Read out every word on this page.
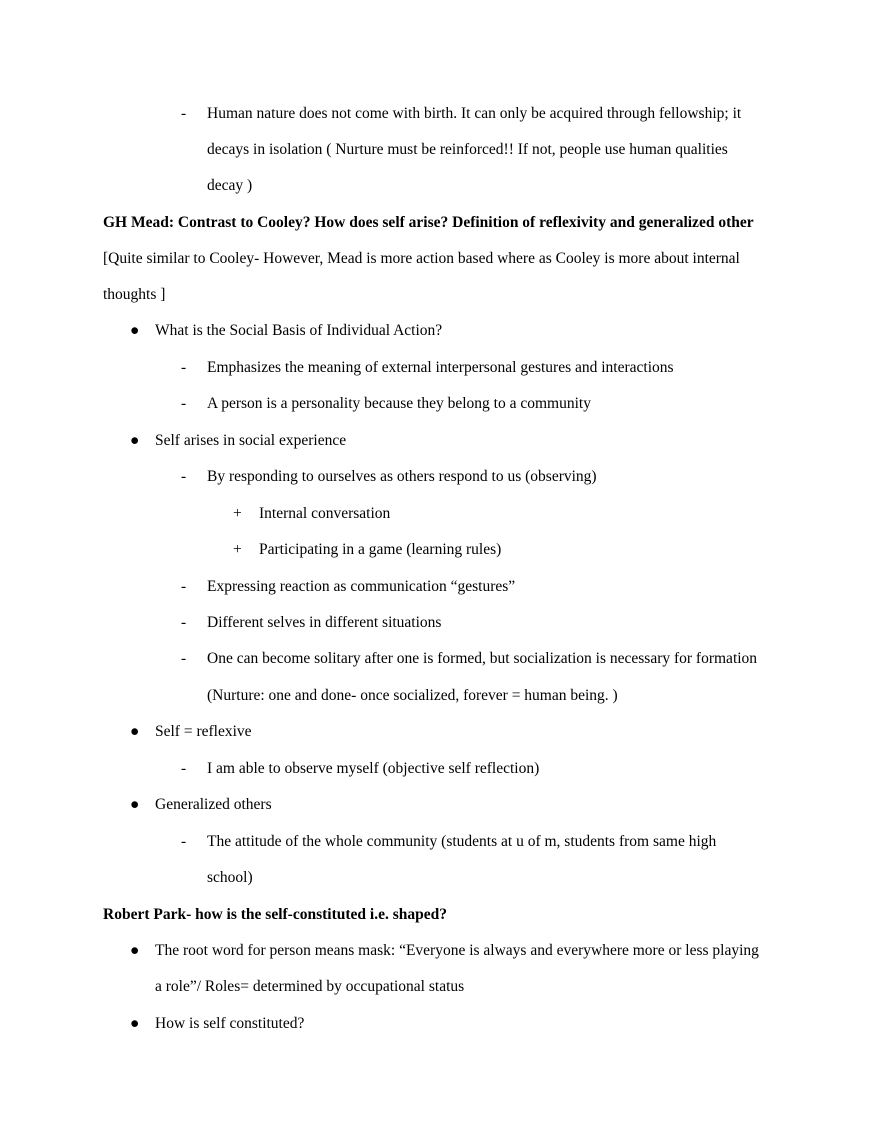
- Human nature does not come with birth. It can only be acquired through fellowship; it
decays in isolation ( Nurture must be reinforced!! If not, people use human qualities
decay )
GH Mead: Contrast to Cooley? How does self arise? Definition of reflexivity and generalized other
[Quite similar to Cooley- However, Mead is more action based where as Cooley is more about internal
thoughts ]
● What is the Social Basis of Individual Action?
- Emphasizes the meaning of external interpersonal gestures and interactions
- A person is a personality because they belong to a community
● Self arises in social experience
- By responding to ourselves as others respond to us (observing)
+ Internal conversation
+ Participating in a game (learning rules)
- Expressing reaction as communication “gestures”
- Different selves in different situations
- One can become solitary after one is formed, but socialization is necessary for formation
(Nurture: one and done- once socialized, forever = human being. )
● Self = reflexive
- I am able to observe myself (objective self reflection)
● Generalized others
- The attitude of the whole community (students at u of m, students from same high
school)
Robert Park- how is the self-constituted i.e. shaped?
● The root word for person means mask: “Everyone is always and everywhere more or less playing
a role”/ Roles= determined by occupational status
● How is self constituted?
